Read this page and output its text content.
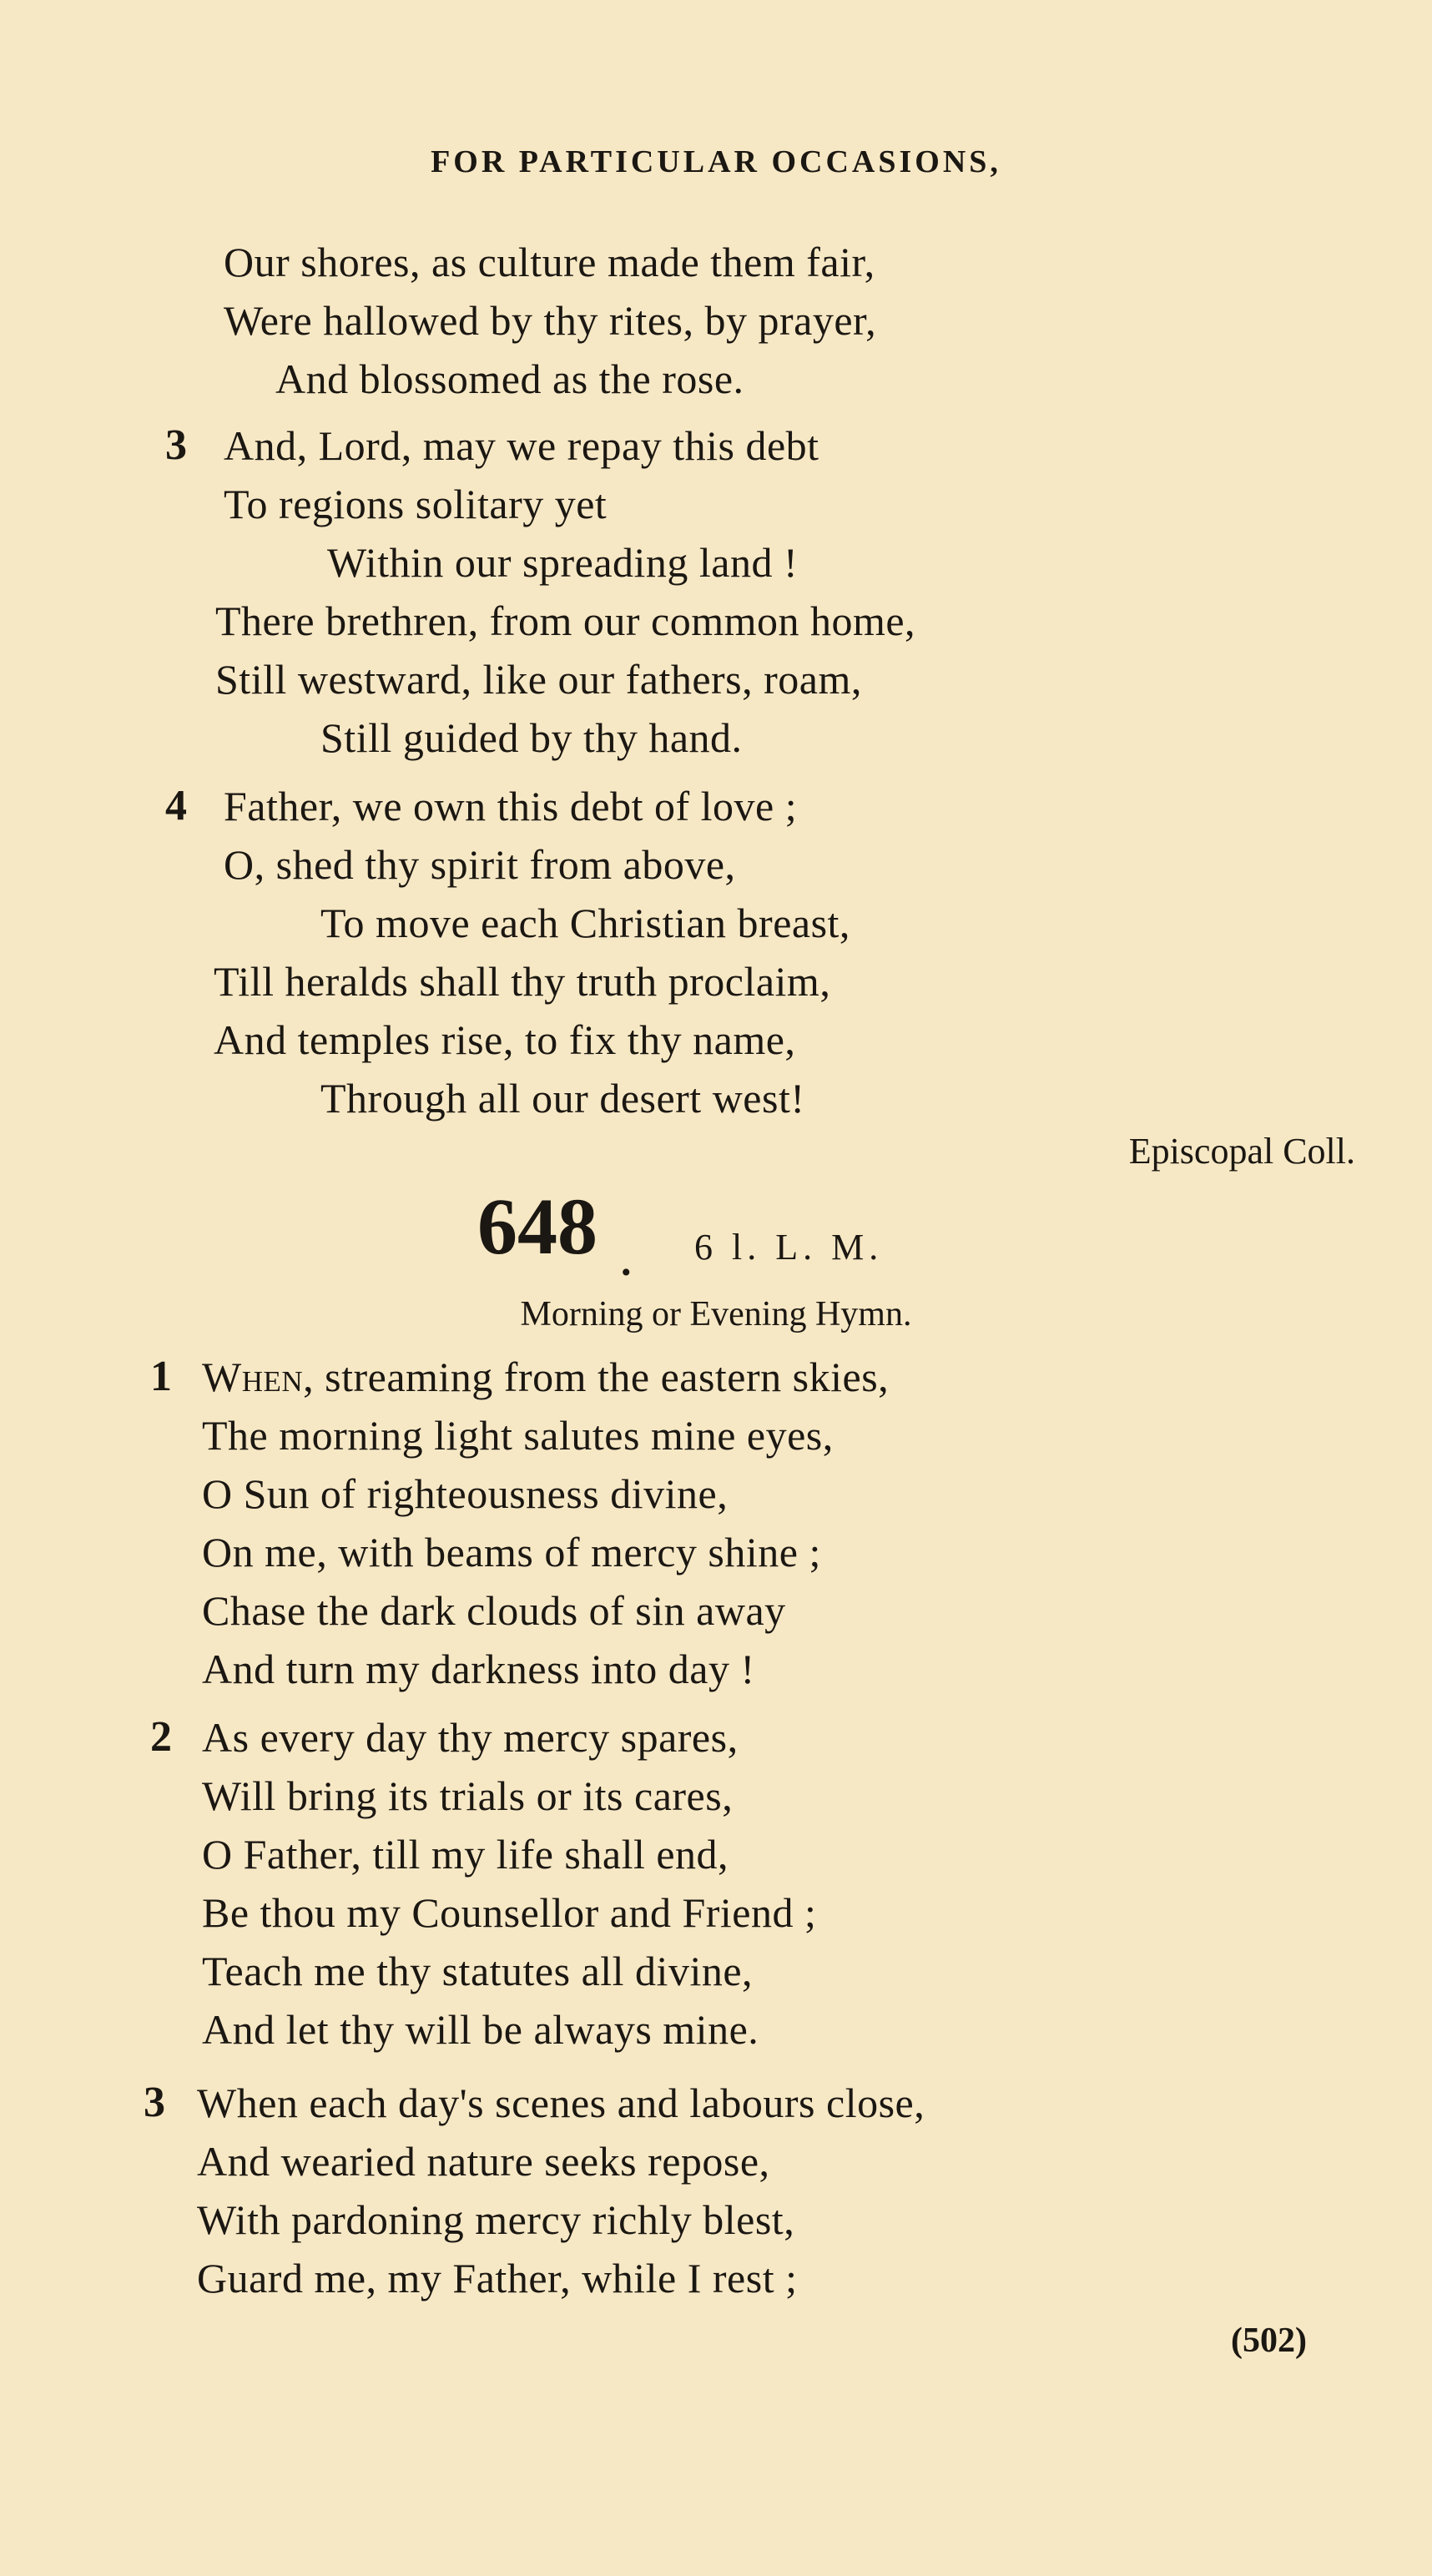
FOR PARTICULAR OCCASIONS,
Our shores, as culture made them fair,
Were hallowed by thy rites, by prayer,
And blossomed as the rose.
3 And, Lord, may we repay this debt
To regions solitary yet
Within our spreading land !
There brethren, from our common home,
Still westward, like our fathers, roam,
Still guided by thy hand.
4 Father, we own this debt of love ;
O, shed thy spirit from above,
To move each Christian breast,
Till heralds shall thy truth proclaim,
And temples rise, to fix thy name,
Through all our desert west!
Episcopal Coll.
648 . 6 l. L. M.
Morning or Evening Hymn.
1 When, streaming from the eastern skies,
The morning light salutes mine eyes,
O Sun of righteousness divine,
On me, with beams of mercy shine ;
Chase the dark clouds of sin away
And turn my darkness into day !
2 As every day thy mercy spares,
Will bring its trials or its cares,
O Father, till my life shall end,
Be thou my Counsellor and Friend ;
Teach me thy statutes all divine,
And let thy will be always mine.
3 When each day's scenes and labours close,
And wearied nature seeks repose,
With pardoning mercy richly blest,
Guard me, my Father, while I rest ;
(502)
